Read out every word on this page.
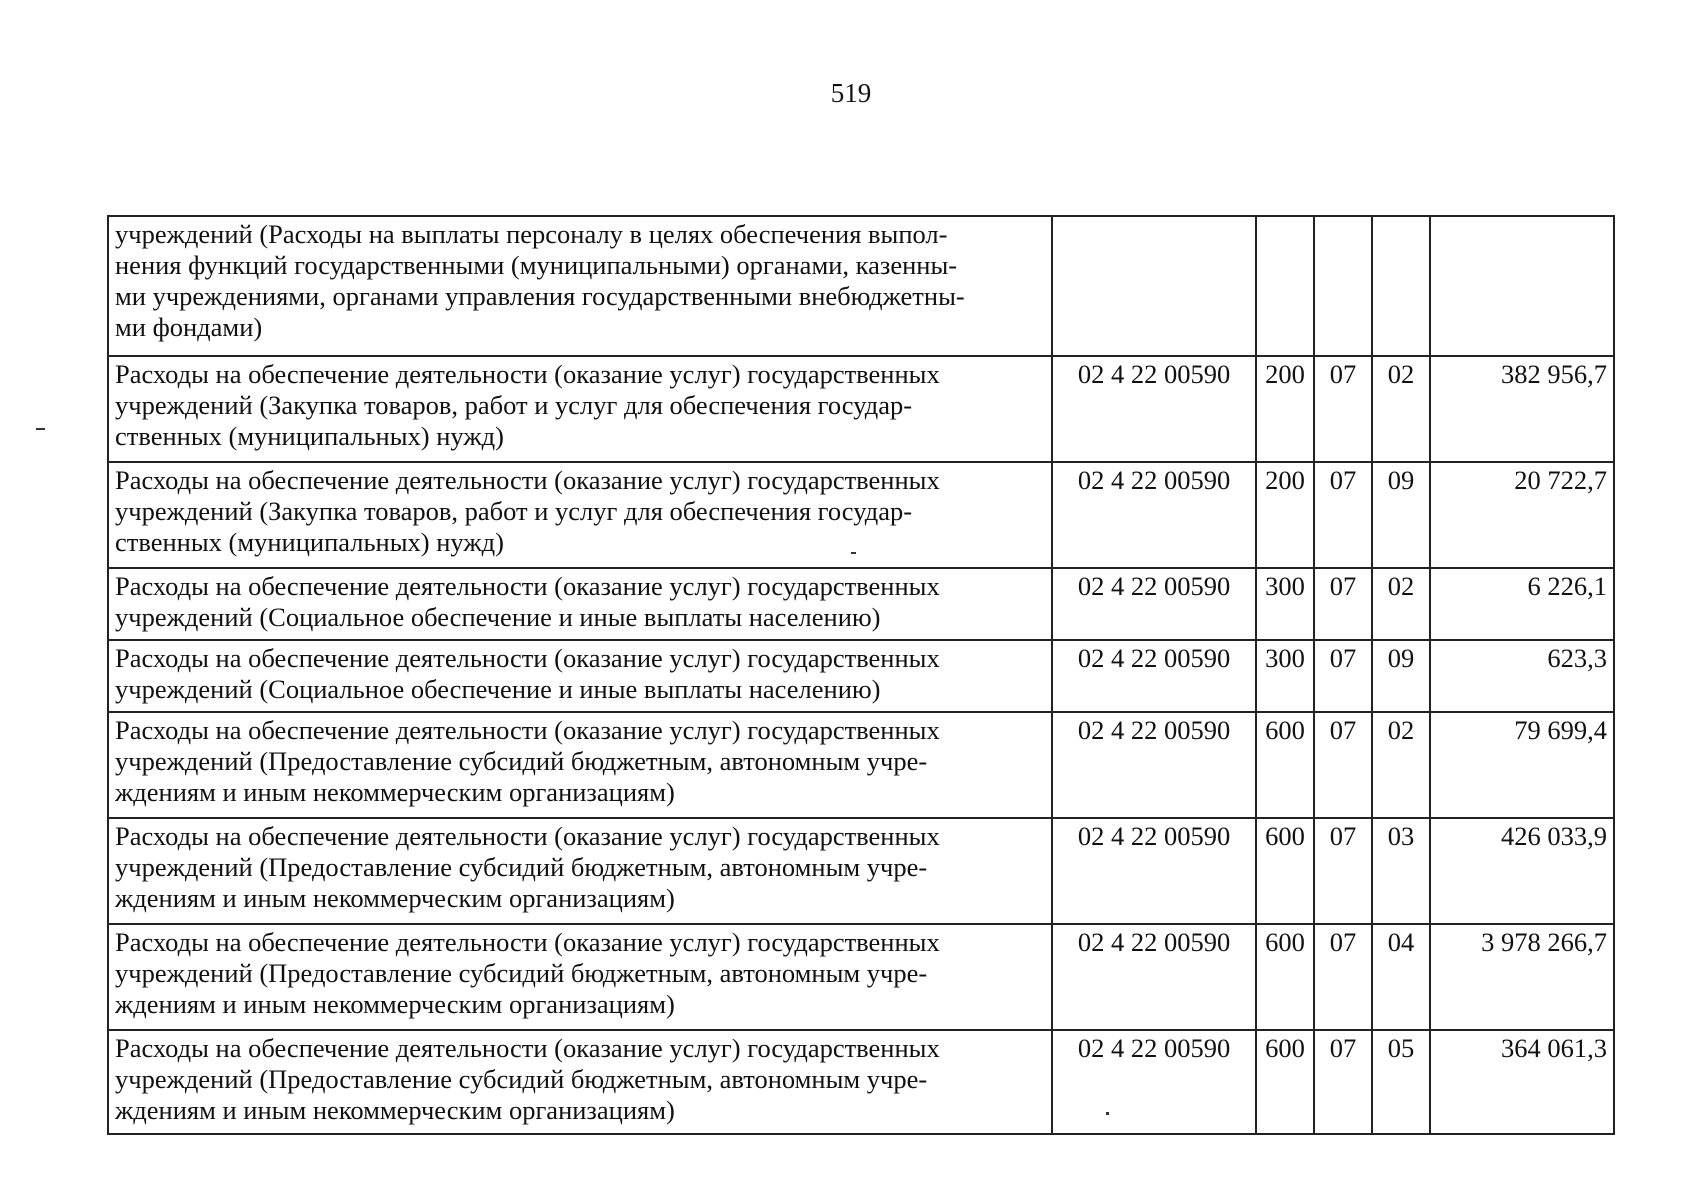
519
учреждений (Расходы на выплаты персоналу в целях обеспечения выпол-
нения функций государственными (муниципальными) органами, казенны-
ми учреждениями, органами управления государственными внебюджетны-
ми фондами)					

Расходы на обеспечение деятельности (оказание услуг) государственных
учреждений (Закупка товаров, работ и услуг для обеспечения государ-
ственных (муниципальных) нужд)	02 4 22 00590	200	07	02	382 956,7

Расходы на обеспечение деятельности (оказание услуг) государственных
учреждений (Закупка товаров, работ и услуг для обеспечения государ-
ственных (муниципальных) нужд)	02 4 22 00590	200	07	09	20 722,7

Расходы на обеспечение деятельности (оказание услуг) государственных
учреждений (Социальное обеспечение и иные выплаты населению)	02 4 22 00590	300	07	02	6 226,1

Расходы на обеспечение деятельности (оказание услуг) государственных
учреждений (Социальное обеспечение и иные выплаты населению)	02 4 22 00590	300	07	09	623,3

Расходы на обеспечение деятельности (оказание услуг) государственных
учреждений (Предоставление субсидий бюджетным, автономным учре-
ждениям и иным некоммерческим организациям)	02 4 22 00590	600	07	02	79 699,4

Расходы на обеспечение деятельности (оказание услуг) государственных
учреждений (Предоставление субсидий бюджетным, автономным учре-
ждениям и иным некоммерческим организациям)	02 4 22 00590	600	07	03	426 033,9

Расходы на обеспечение деятельности (оказание услуг) государственных
учреждений (Предоставление субсидий бюджетным, автономным учре-
ждениям и иным некоммерческим организациям)	02 4 22 00590	600	07	04	3 978 266,7

Расходы на обеспечение деятельности (оказание услуг) государственных
учреждений (Предоставление субсидий бюджетным, автономным учре-
ждениям и иным некоммерческим организациям)	02 4 22 00590	600	07	05	364 061,3
